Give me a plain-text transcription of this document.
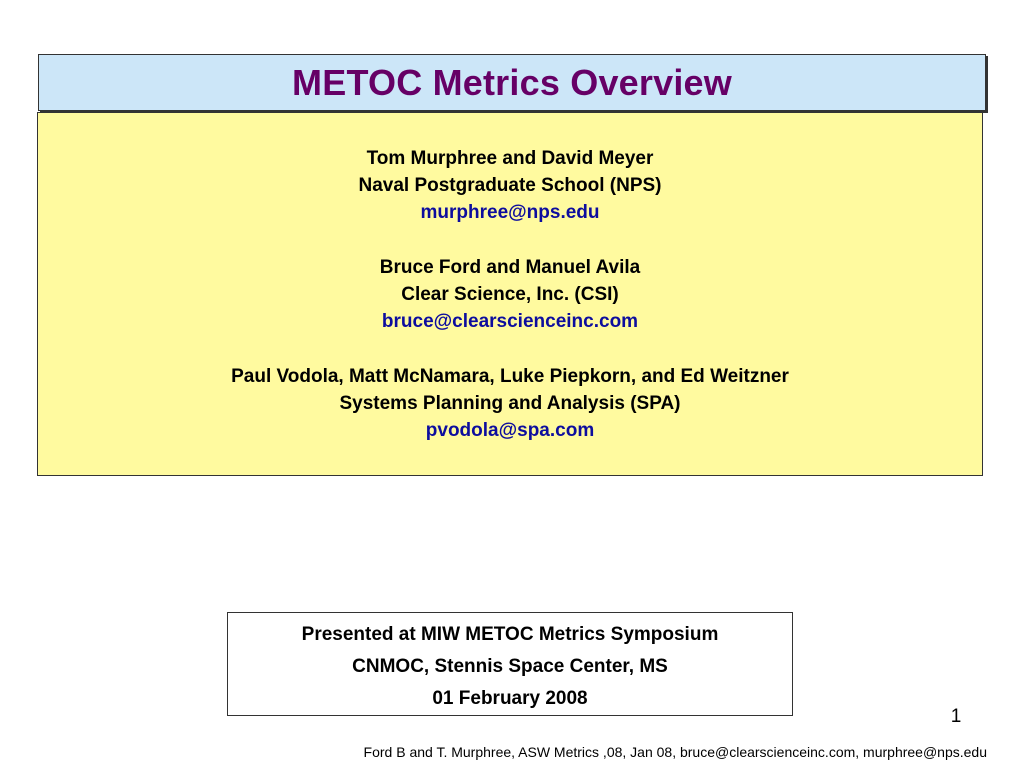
METOC Metrics Overview
Tom Murphree and David Meyer
Naval Postgraduate School (NPS)
murphree@nps.edu
Bruce Ford and Manuel Avila
Clear Science, Inc. (CSI)
bruce@clearscienceinc.com
Paul Vodola, Matt McNamara, Luke Piepkorn, and Ed Weitzner
Systems Planning and Analysis (SPA)
pvodola@spa.com
Presented at MIW METOC Metrics Symposium
CNMOC, Stennis Space Center, MS
01 February 2008
1
Ford B and T. Murphree, ASW Metrics ,08, Jan 08, bruce@clearscienceinc.com, murphree@nps.edu
